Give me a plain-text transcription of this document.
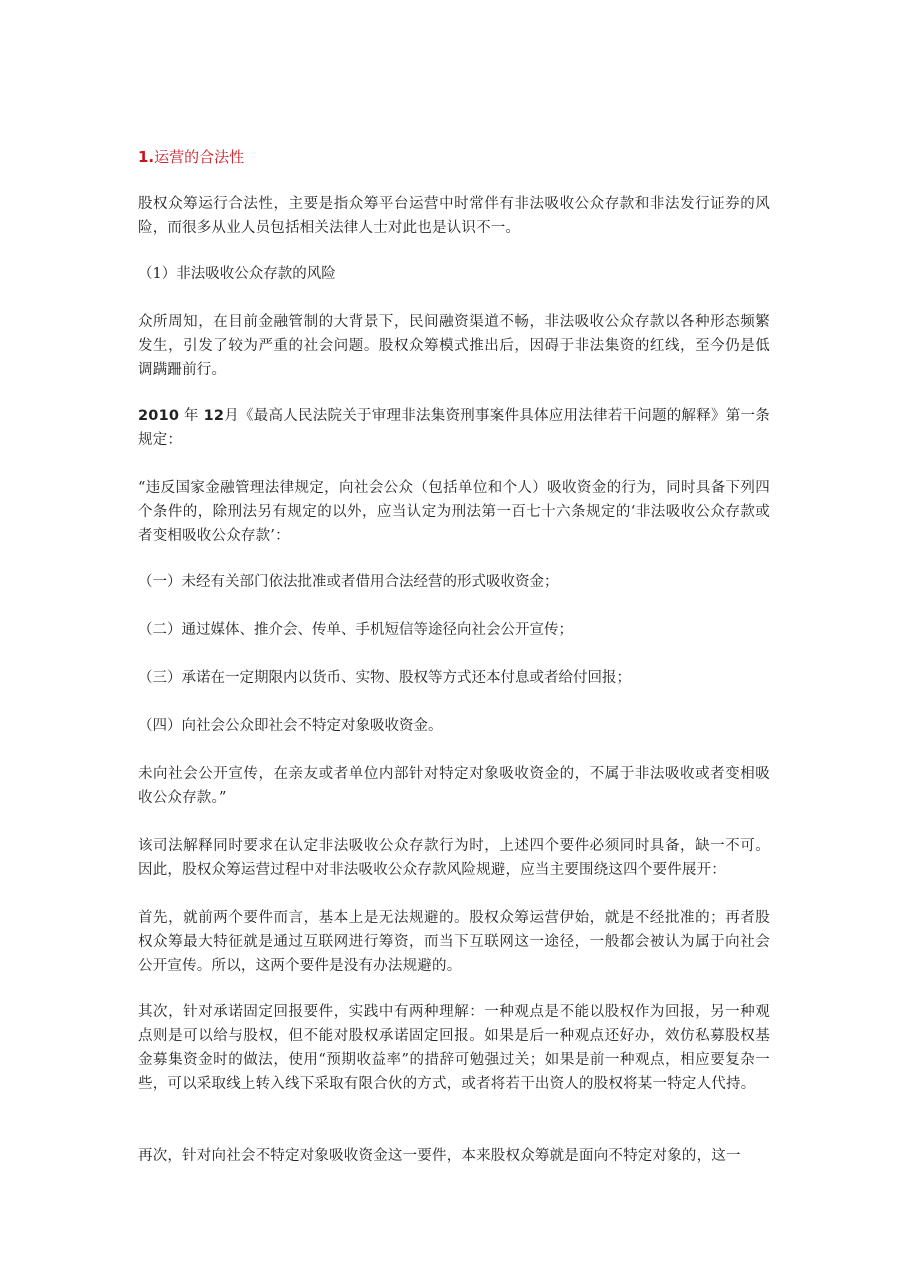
1.运营的合法性
股权众筹运行合法性，主要是指众筹平台运营中时常伴有非法吸收公众存款和非法发行证券的风险，而很多从业人员包括相关法律人士对此也是认识不一。
（1）非法吸收公众存款的风险
众所周知，在目前金融管制的大背景下，民间融资渠道不畅，非法吸收公众存款以各种形态频繁发生，引发了较为严重的社会问题。股权众筹模式推出后，因碍于非法集资的红线，至今仍是低调蹒跚前行。
2010 年 12月《最高人民法院关于审理非法集资刑事案件具体应用法律若干问题的解释》第一条规定：
“违反国家金融管理法律规定，向社会公众（包括单位和个人）吸收资金的行为，同时具备下列四个条件的，除刑法另有规定的以外，应当认定为刑法第一百七十六条规定的‘非法吸收公众存款或者变相吸收公众存款’：
（一）未经有关部门依法批准或者借用合法经营的形式吸收资金；
（二）通过媒体、推介会、传单、手机短信等途径向社会公开宣传；
（三）承诺在一定期限内以货币、实物、股权等方式还本付息或者给付回报；
（四）向社会公众即社会不特定对象吸收资金。
未向社会公开宣传，在亲友或者单位内部针对特定对象吸收资金的，不属于非法吸收或者变相吸收公众存款。”
该司法解释同时要求在认定非法吸收公众存款行为时，上述四个要件必须同时具备，缺一不可。因此，股权众筹运营过程中对非法吸收公众存款风险规避，应当主要围绕这四个要件展开：
首先，就前两个要件而言，基本上是无法规避的。股权众筹运营伊始，就是不经批准的；再者股权众筹最大特征就是通过互联网进行筹资，而当下互联网这一途径，一般都会被认为属于向社会公开宣传。所以，这两个要件是没有办法规避的。
其次，针对承诺固定回报要件，实践中有两种理解：一种观点是不能以股权作为回报，另一种观点则是可以给与股权，但不能对股权承诺固定回报。如果是后一种观点还好办，效仿私募股权基金募集资金时的做法，使用“预期收益率”的措辞可勉强过关；如果是前一种观点，相应要复杂一些，可以采取线上转入线下采取有限合伙的方式，或者将若干出资人的股权将某一特定人代持。
再次，针对向社会不特定对象吸收资金这一要件，本来股权众筹就是面向不特定对象的，这一
